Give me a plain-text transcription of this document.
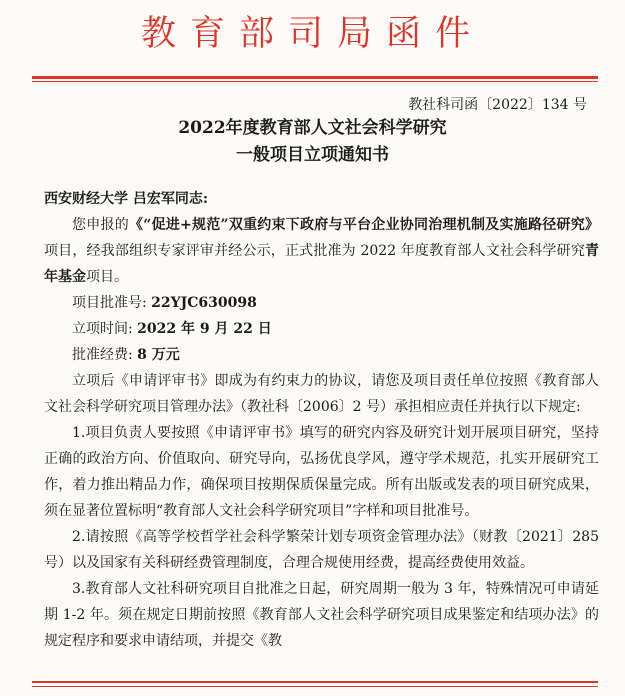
教育部司局函件
教社科司函〔2022〕134 号
2022年度教育部人文社会科学研究
一般项目立项通知书

西安财经大学 吕宏军同志:

您申报的《“促进+规范”双重约束下政府与平台企业协同治理机制及实施路径研究》项目，经我部组织专家评审并经公示，正式批准为 2022 年度教育部人文社会科学研究青年基金项目。

项目批准号: 22YJC630098

立项时间: 2022 年 9 月 22 日

批准经费: 8 万元

立项后《申请评审书》即成为有约束力的协议，请您及项目责任单位按照《教育部人文社会科学研究项目管理办法》（教社科〔2006〕2 号）承担相应责任并执行以下规定:

1.项目负责人要按照《申请评审书》填写的研究内容及研究计划开展项目研究，坚持正确的政治方向、价值取向、研究导向，弘扬优良学风，遵守学术规范，扎实开展研究工作，着力推出精品力作，确保项目按期保质保量完成。所有出版或发表的项目研究成果，须在显著位置标明“教育部人文社会科学研究项目”字样和项目批准号。

2.请按照《高等学校哲学社会科学繁荣计划专项资金管理办法》（财教〔2021〕285 号）以及国家有关科研经费管理制度，合理合规使用经费，提高经费使用效益。

3.教育部人文社科研究项目自批准之日起，研究周期一般为 3 年，特殊情况可申请延期 1-2 年。须在规定日期前按照《教育部人文社会科学研究项目成果鉴定和结项办法》的规定程序和要求申请结项，并提交《教
